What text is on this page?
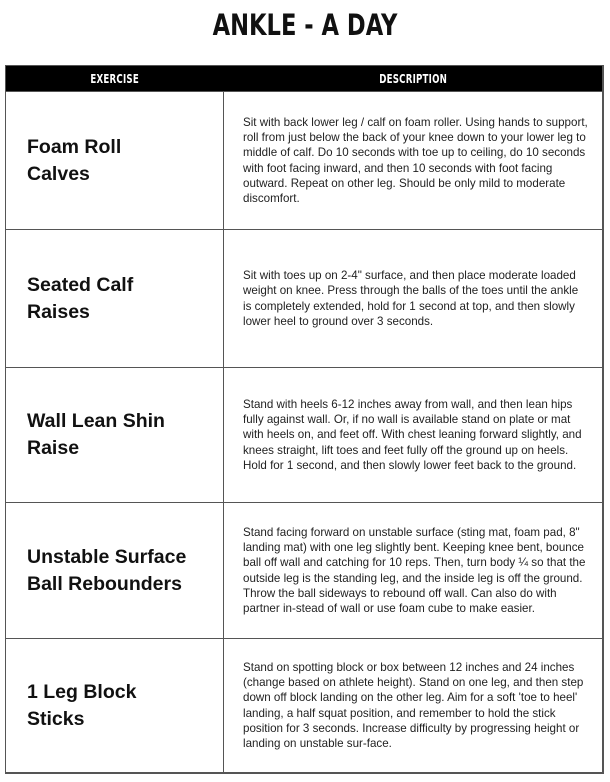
ANKLE - A DAY
EXERCISE	DESCRIPTION
Foam Roll Calves
Sit with back lower leg / calf on foam roller. Using hands to support, roll from just below the back of your knee down to your lower leg to middle of calf. Do 10 seconds with toe up to ceiling, do 10 seconds with foot facing inward, and then 10 seconds with foot facing outward. Repeat on other leg. Should be only mild to moderate discomfort.
Seated Calf Raises
Sit with toes up on 2-4" surface, and then place moderate loaded weight on knee. Press through the balls of the toes until the ankle is completely extended, hold for 1 second at top, and then slowly lower heel to ground over 3 seconds.
Wall Lean Shin Raise
Stand with heels 6-12 inches away from wall, and then lean hips fully against wall. Or, if no wall is available stand on plate or mat with heels on, and feet off. With chest leaning forward slightly, and knees straight, lift toes and feet fully off the ground up on heels. Hold for 1 second, and then slowly lower feet back to the ground.
Unstable Surface Ball Rebounders
Stand facing forward on unstable surface (sting mat, foam pad, 8" landing mat) with one leg slightly bent. Keeping knee bent, bounce ball off wall and catching for 10 reps. Then, turn body ¼ so that the outside leg is the standing leg, and the inside leg is off the ground. Throw the ball sideways to rebound off wall. Can also do with partner in-stead of wall or use foam cube to make easier.
1 Leg Block Sticks
Stand on spotting block or box between 12 inches and 24 inches (change based on athlete height). Stand on one leg, and then step down off block landing on the other leg. Aim for a soft 'toe to heel' landing, a half squat position, and remember to hold the stick position for 3 seconds. Increase difficulty by progressing height or landing on unstable sur-face.
